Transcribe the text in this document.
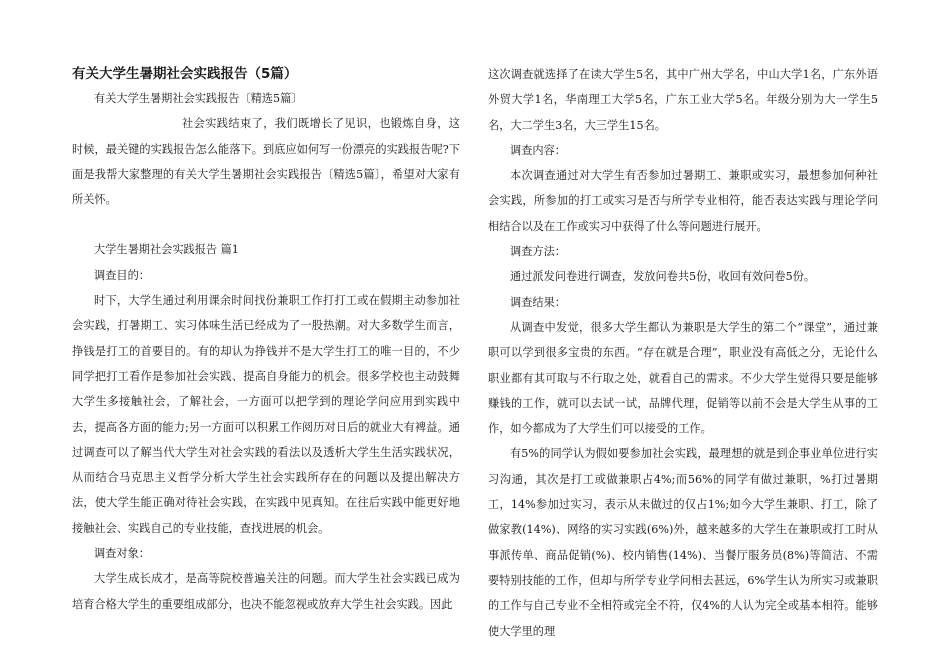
有关大学生暑期社会实践报告（5篇）

有关大学生暑期社会实践报告〔精选5篇〕

社会实践结束了，我们既增长了见识，也锻炼自身，这时候，最关键的实践报告怎么能落下。到底应如何写一份漂亮的实践报告呢?下面是我帮大家整理的有关大学生暑期社会实践报告〔精选5篇〕，希望对大家有所关怀。

大学生暑期社会实践报告 篇1

调查目的：

时下，大学生通过利用课余时间找份兼职工作打打工或在假期主动参加社会实践，打暑期工、实习体味生活已经成为了一股热潮。对大多数学生而言，挣钱是打工的首要目的。有的却认为挣钱并不是大学生打工的唯一目的，不少同学把打工看作是参加社会实践、提高自身能力的机会。很多学校也主动鼓舞大学生多接触社会，了解社会，一方面可以把学到的理论学问应用到实践中去，提高各方面的能力;另一方面可以积累工作阅历对日后的就业大有裨益。通过调查可以了解当代大学生对社会实践的看法以及透析大学生生活实践状况，从而结合马克思主义哲学分析大学生社会实践所存在的问题以及提出解决方法，使大学生能正确对待社会实践，在实践中见真知。在往后实践中能更好地接触社会、实践自己的专业技能，查找进展的机会。

调查对象：

大学生成长成才，是高等院校普遍关注的问题。而大学生社会实践已成为培育合格大学生的重要组成部分，也决不能忽视或放弃大学生社会实践。因此

这次调查就选择了在读大学生5名，其中广州大学名，中山大学1名，广东外语外贸大学1名，华南理工大学5名，广东工业大学5名。年级分别为大一学生5名，大二学生3名，大三学生15名。

调查内容：

本次调查通过对大学生有否参加过暑期工、兼职或实习，最想参加何种社会实践，所参加的打工或实习是否与所学专业相符，能否表达实践与理论学问相结合以及在工作或实习中获得了什么等问题进行展开。

调查方法：

通过派发问卷进行调查，发放问卷共5份，收回有效问卷5份。

调查结果：

从调查中发觉，很多大学生都认为兼职是大学生的第二个“课堂”，通过兼职可以学到很多宝贵的东西。“存在就是合理”，职业没有高低之分，无论什么职业都有其可取与不行取之处，就看自己的需求。不少大学生觉得只要是能够赚钱的工作，就可以去试一试，品牌代理，促销等以前不会是大学生从事的工作，如今都成为了大学生们可以接受的工作。

有5%的同学认为假如要参加社会实践，最理想的就是到企事业单位进行实习沟通，其次是打工或做兼职占4%;而56%的同学有做过兼职，%打过暑期工，14%参加过实习，表示从未做过的仅占1%;如今大学生兼职、打工，除了做家教(14%)、网络的实习实践(6%)外，越来越多的大学生在兼职或打工时从事派传单、商品促销(%)、校内销售(14%)、当餐厅服务员(8%)等简洁、不需要特别技能的工作，但却与所学专业学问相去甚远，6%学生认为所实习或兼职的工作与自己专业不全相符或完全不符，仅4%的人认为完全或基本相符。能够使大学里的理
